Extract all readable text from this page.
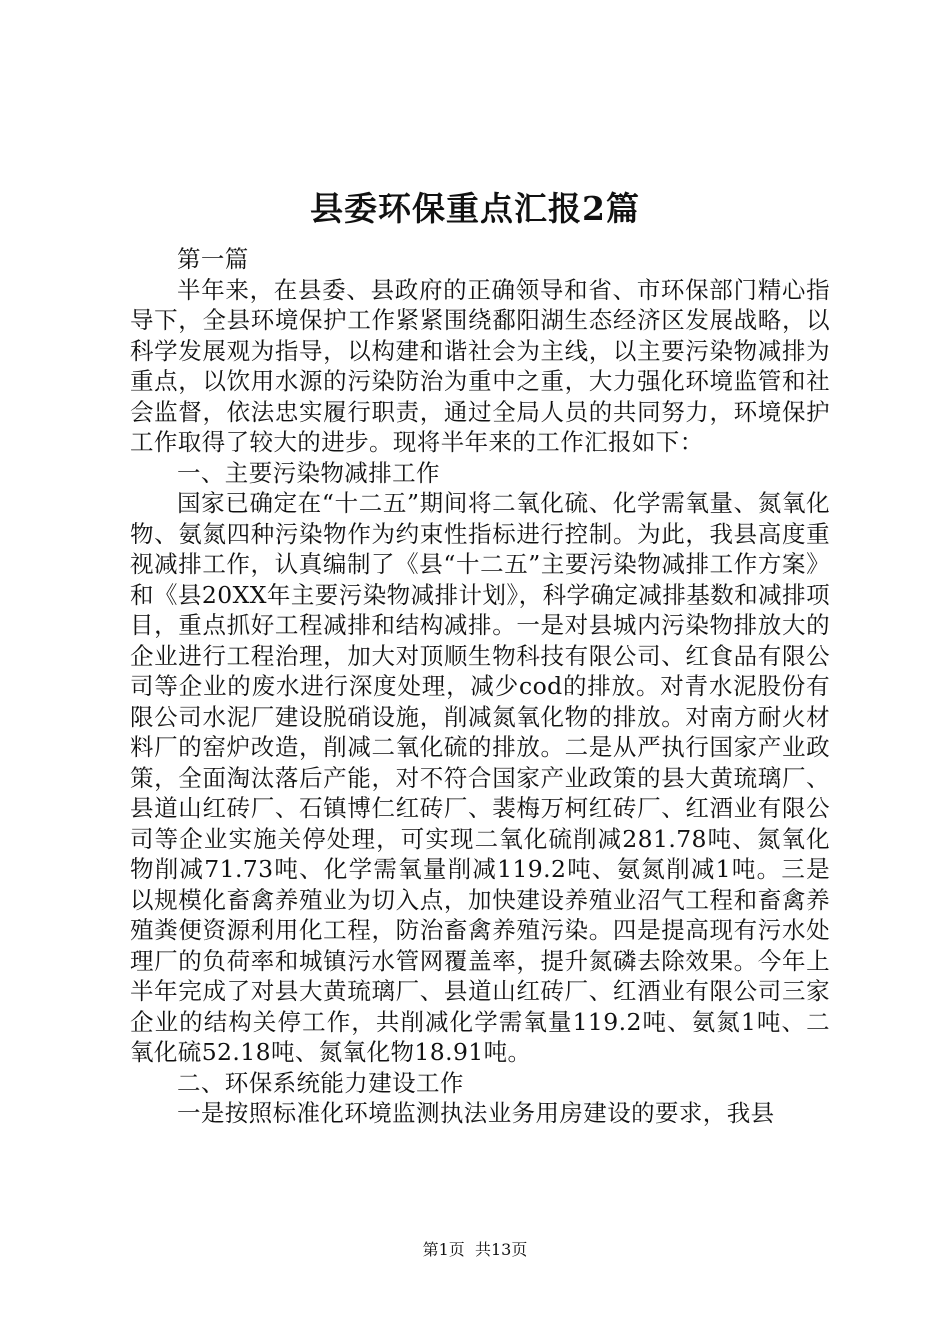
县委环保重点汇报2篇

第一篇

半年来，在县委、县政府的正确领导和省、市环保部门精心指导下，全县环境保护工作紧紧围绕鄱阳湖生态经济区发展战略，以科学发展观为指导，以构建和谐社会为主线，以主要污染物减排为重点，以饮用水源的污染防治为重中之重，大力强化环境监管和社会监督，依法忠实履行职责，通过全局人员的共同努力，环境保护工作取得了较大的进步。现将半年来的工作汇报如下：

一、主要污染物减排工作

国家已确定在“十二五”期间将二氧化硫、化学需氧量、氮氧化物、氨氮四种污染物作为约束性指标进行控制。为此，我县高度重视减排工作，认真编制了《县“十二五”主要污染物减排工作方案》和《县20XX年主要污染物减排计划》，科学确定减排基数和减排项目，重点抓好工程减排和结构减排。一是对县城内污染物排放大的企业进行工程治理，加大对顶顺生物科技有限公司、红食品有限公司等企业的废水进行深度处理，减少cod的排放。对青水泥股份有限公司水泥厂建设脱硝设施，削减氮氧化物的排放。对南方耐火材料厂的窑炉改造，削减二氧化硫的排放。二是从严执行国家产业政策，全面淘汰落后产能，对不符合国家产业政策的县大黄琉璃厂、县道山红砖厂、石镇博仁红砖厂、裴梅万柯红砖厂、红酒业有限公司等企业实施关停处理，可实现二氧化硫削减281.78吨、氮氧化物削减71.73吨、化学需氧量削减119.2吨、氨氮削减1吨。三是以规模化畜禽养殖业为切入点，加快建设养殖业沼气工程和畜禽养殖粪便资源利用化工程，防治畜禽养殖污染。四是提高现有污水处理厂的负荷率和城镇污水管网覆盖率，提升氮磷去除效果。今年上半年完成了对县大黄琉璃厂、县道山红砖厂、红酒业有限公司三家企业的结构关停工作，共削减化学需氧量119.2吨、氨氮1吨、二氧化硫52.18吨、氮氧化物18.91吨。

二、环保系统能力建设工作

一是按照标准化环境监测执法业务用房建设的要求，我县

第1页 共13页
